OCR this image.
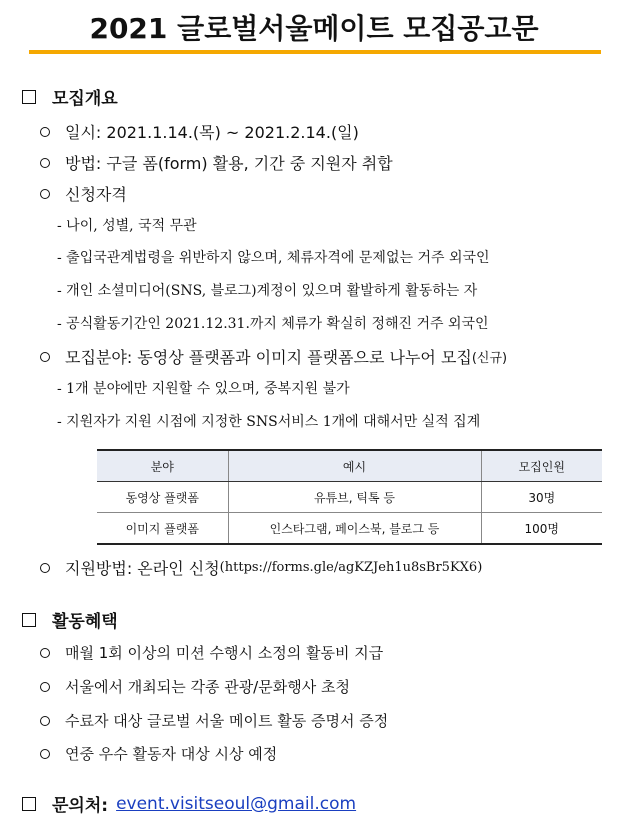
2021 글로벌서울메이트 모집공고문
모집개요
일시: 2021.1.14.(목) ~ 2021.2.14.(일)
방법: 구글 폼(form) 활용, 기간 중 지원자 취합
신청자격
- 나이, 성별, 국적 무관
- 출입국관계법령을 위반하지 않으며, 체류자격에 문제없는 거주 외국인
- 개인 소셜미디어(SNS, 블로그)계정이 있으며 활발하게 활동하는 자
- 공식활동기간인 2021.12.31.까지 체류가 확실히 정해진 거주 외국인
모집분야: 동영상 플랫폼과 이미지 플랫폼으로 나누어 모집 (신규)
- 1개 분야에만 지원할 수 있으며, 중복지원 불가
- 지원자가 지원 시점에 지정한 SNS서비스 1개에 대해서만 실적 집계
분야	예시	모집인원
동영상 플랫폼	유튜브, 틱톡 등	30명
이미지 플랫폼	인스타그램, 페이스북, 블로그 등	100명
지원방법: 온라인 신청 (https://forms.gle/agKZJeh1u8sBr5KX6)
활동혜택
매월 1회 이상의 미션 수행시 소정의 활동비 지급
서울에서 개최되는 각종 관광/문화행사 초청
수료자 대상 글로벌 서울 메이트 활동 증명서 증정
연중 우수 활동자 대상 시상 예정
문의처: event.visitseoul@gmail.com
